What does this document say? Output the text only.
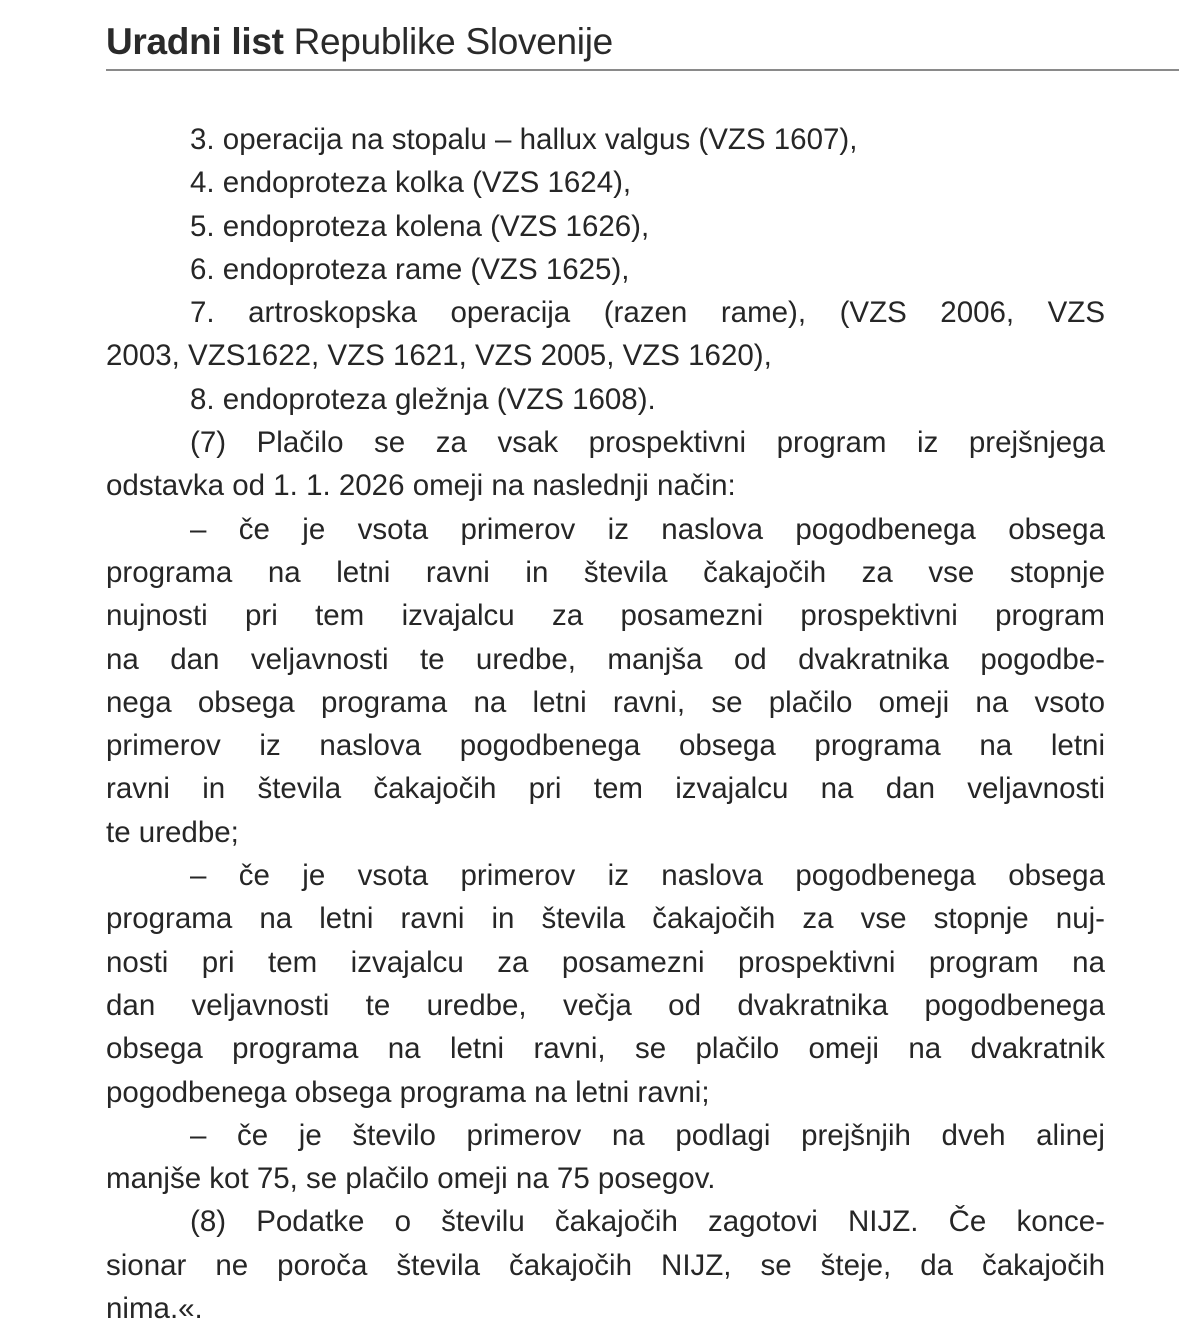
Uradni list Republike Slovenije
3. operacija na stopalu – hallux valgus (VZS 1607),
4. endoproteza kolka (VZS 1624),
5. endoproteza kolena (VZS 1626),
6. endoproteza rame (VZS 1625),
7. artroskopska operacija (razen rame), (VZS 2006, VZS
2003, VZS1622, VZS 1621, VZS 2005, VZS 1620),
8. endoproteza gležnja (VZS 1608).
(7) Plačilo se za vsak prospektivni program iz prejšnjega
odstavka od 1. 1. 2026 omeji na naslednji način:
– če je vsota primerov iz naslova pogodbenega obsega
programa na letni ravni in števila čakajočih za vse stopnje
nujnosti pri tem izvajalcu za posamezni prospektivni program
na dan veljavnosti te uredbe, manjša od dvakratnika pogodbe-
nega obsega programa na letni ravni, se plačilo omeji na vsoto
primerov iz naslova pogodbenega obsega programa na letni
ravni in števila čakajočih pri tem izvajalcu na dan veljavnosti
te uredbe;
– če je vsota primerov iz naslova pogodbenega obsega
programa na letni ravni in števila čakajočih za vse stopnje nuj-
nosti pri tem izvajalcu za posamezni prospektivni program na
dan veljavnosti te uredbe, večja od dvakratnika pogodbenega
obsega programa na letni ravni, se plačilo omeji na dvakratnik
pogodbenega obsega programa na letni ravni;
– če je število primerov na podlagi prejšnjih dveh alinej
manjše kot 75, se plačilo omeji na 75 posegov.
(8) Podatke o številu čakajočih zagotovi NIJZ. Če konce-
sionar ne poroča števila čakajočih NIJZ, se šteje, da čakajočih
nima.«.
